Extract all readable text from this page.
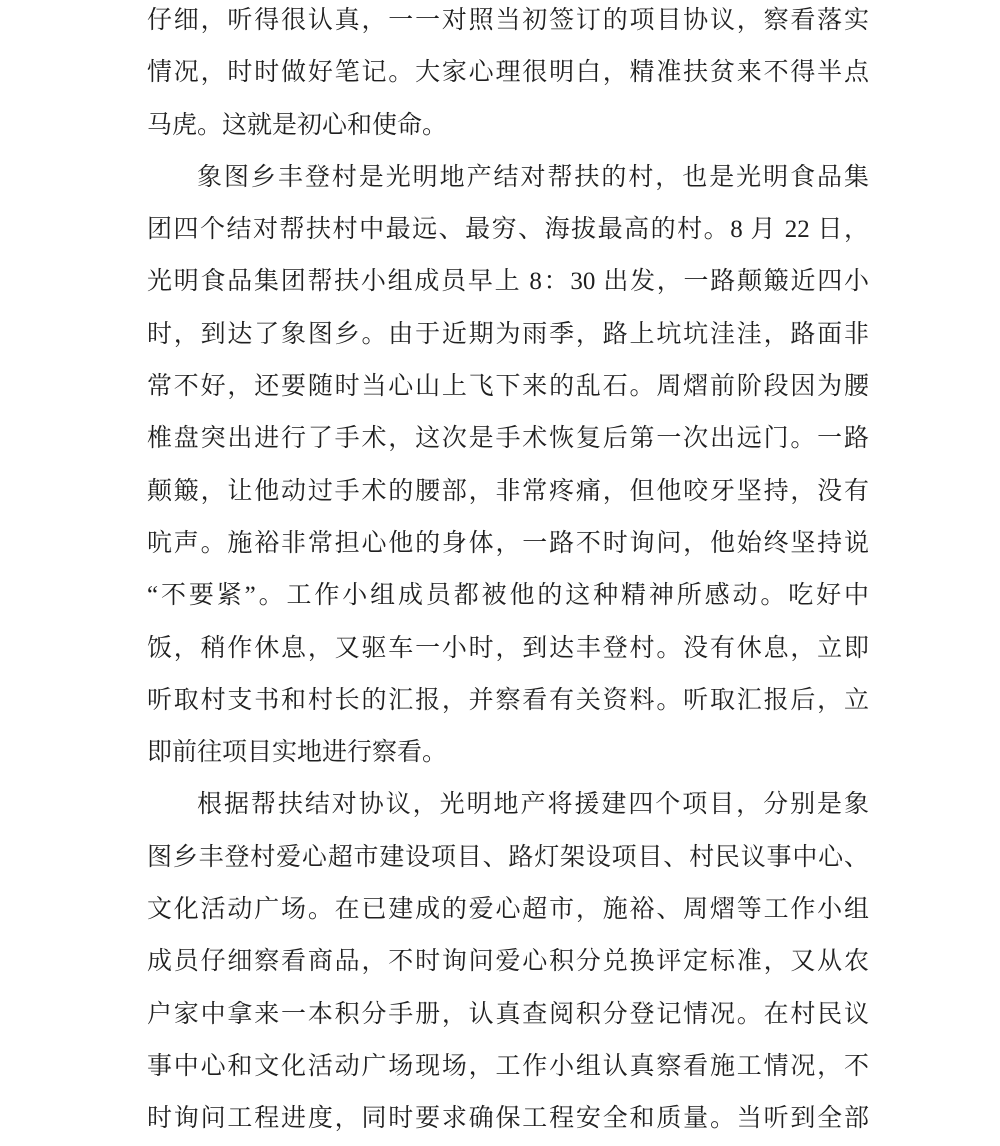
仔细，听得很认真，一一对照当初签订的项目协议，察看落实
情况，时时做好笔记。大家心理很明白，精准扶贫来不得半点
马虎。这就是初心和使命。
象图乡丰登村是光明地产结对帮扶的村，也是光明食品集
团四个结对帮扶村中最远、最穷、海拔最高的村。8 月 22 日，
光明食品集团帮扶小组成员早上 8：30 出发，一路颠簸近四小
时，到达了象图乡。由于近期为雨季，路上坑坑洼洼，路面非
常不好，还要随时当心山上飞下来的乱石。周熠前阶段因为腰
椎盘突出进行了手术，这次是手术恢复后第一次出远门。一路
颠簸，让他动过手术的腰部，非常疼痛，但他咬牙坚持，没有
吭声。施裕非常担心他的身体，一路不时询问，他始终坚持说
“不要紧”。工作小组成员都被他的这种精神所感动。吃好中
饭，稍作休息，又驱车一小时，到达丰登村。没有休息，立即
听取村支书和村长的汇报，并察看有关资料。听取汇报后，立
即前往项目实地进行察看。
根据帮扶结对协议，光明地产将援建四个项目，分别是象
图乡丰登村爱心超市建设项目、路灯架设项目、村民议事中心、
文化活动广场。在已建成的爱心超市，施裕、周熠等工作小组
成员仔细察看商品，不时询问爱心积分兑换评定标准，又从农
户家中拿来一本积分手册，认真查阅积分登记情况。在村民议
事中心和文化活动广场现场，工作小组认真察看施工情况，不
时询问工程进度，同时要求确保工程安全和质量。当听到全部
